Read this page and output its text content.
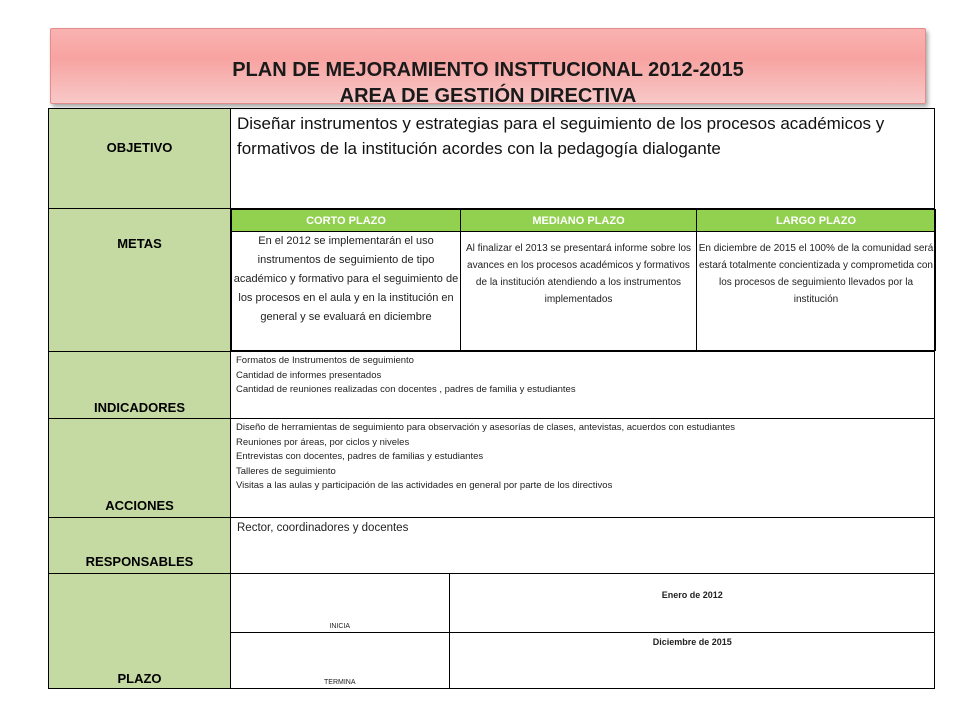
PLAN DE MEJORAMIENTO INSTTUCIONAL 2012-2015
AREA DE GESTIÓN DIRECTIVA
OBJETIVO

Diseñar instrumentos y estrategias para el seguimiento de los procesos académicos y formativos de la institución acordes con la pedagogía dialogante

METAS

CORTO PLAZO	MEDIANO PLAZO	LARGO PLAZO
En el 2012 se implementarán el uso instrumentos de seguimiento de tipo académico y formativo para el seguimiento de los procesos en el aula y en la institución en general y se evaluará en diciembre	Al finalizar el 2013 se presentará informe sobre los avances en los procesos académicos y formativos de la institución atendiendo a los instrumentos implementados	En diciembre de 2015 el 100% de la comunidad será estará totalmente concientizada y comprometida con los procesos de seguimiento llevados por la institución

INDICADORES

Formatos de Instrumentos de seguimiento
Cantidad de informes presentados
Cantidad de reuniones realizadas con docentes , padres de familia y estudiantes

ACCIONES

Diseño de herramientas de seguimiento para observación y asesorías de clases, antevistas, acuerdos con estudiantes
Reuniones por áreas, por ciclos y niveles
Entrevistas con docentes, padres de familias y estudiantes
Talleres de seguimiento
Visitas a las aulas y participación de las actividades en general por parte de los directivos

RESPONSABLES

Rector, coordinadores y docentes

PLAZO

INICIA

Enero de 2012

TERMINA

Diciembre de 2015
